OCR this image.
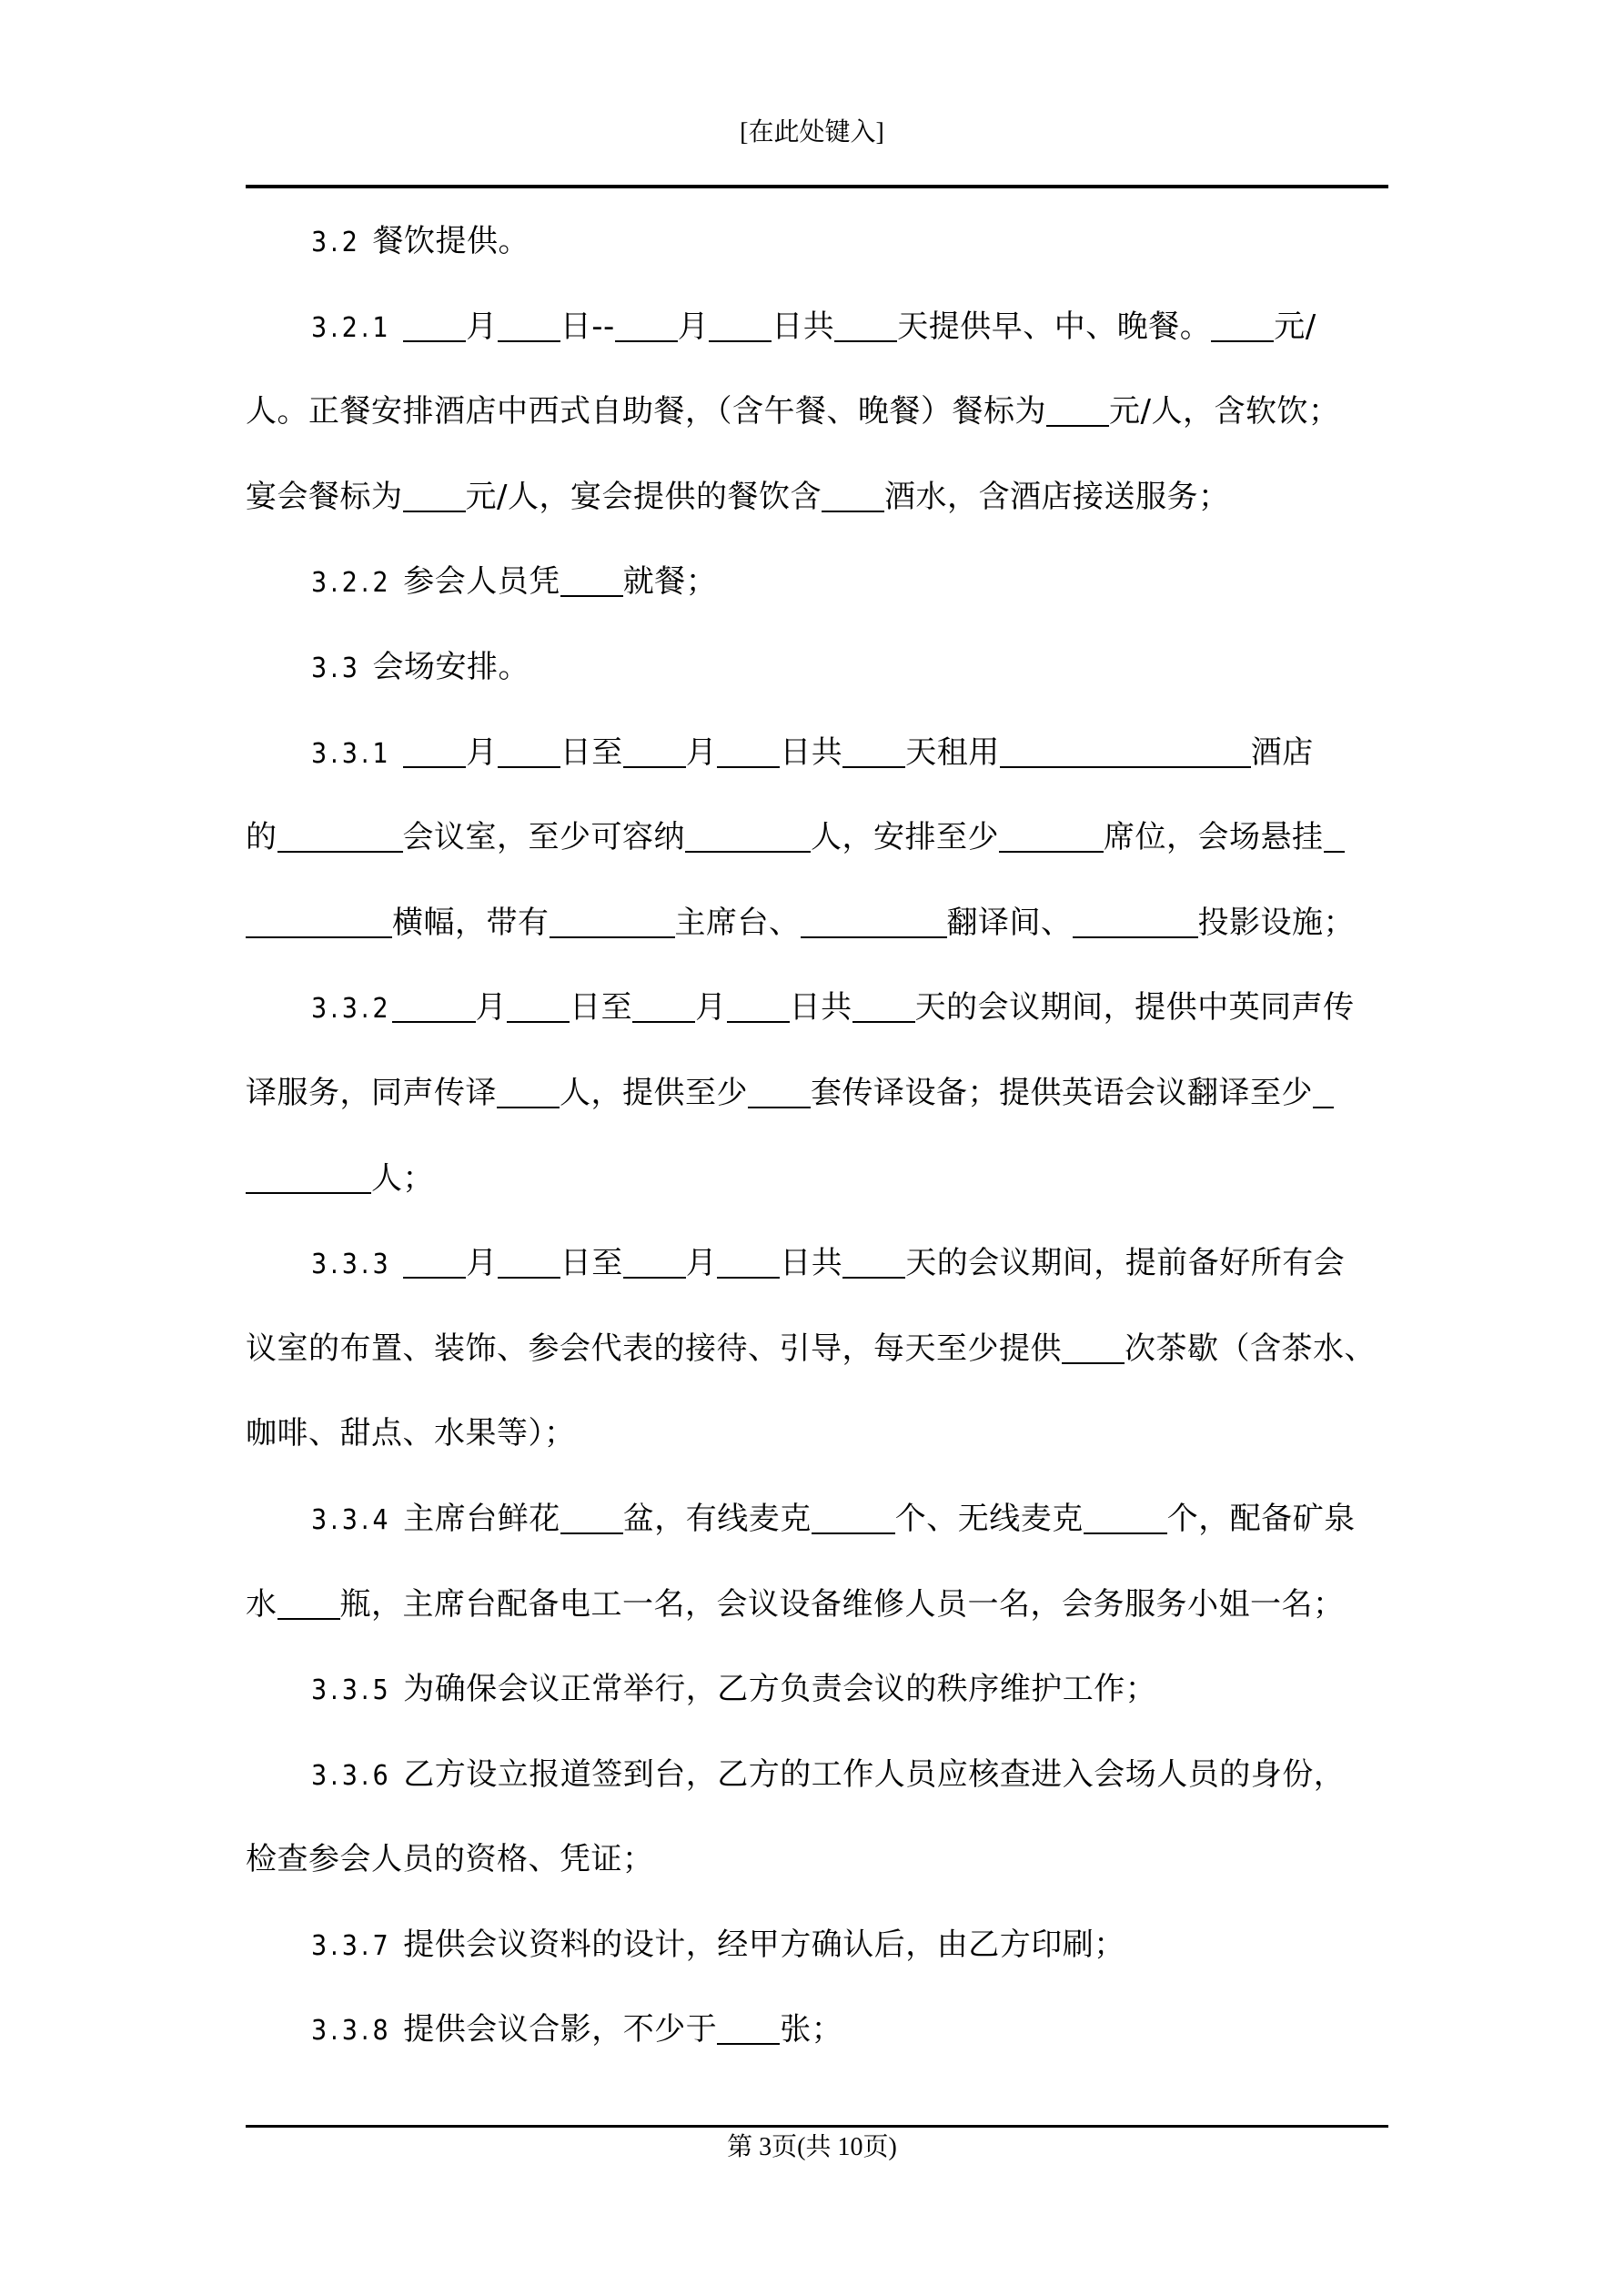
[在此处键入]
3.2 餐饮提供。
3.2.1 月 日-- 月 日共 天提供早、中、晚餐。 元/
人。正餐安排酒店中西式自助餐，（含午餐、晚餐）餐标为 元/人，含软饮；
宴会餐标为 元/人，宴会提供的餐饮含 酒水，含酒店接送服务；
3.2.2 参会人员凭 就餐；
3.3 会场安排。
3.3.1 月 日至 月 日共 天租用	酒店
的	会议室，至少可容纳	人，安排至少	席位，会场悬挂
横幅，带有	主席台、	翻译间、	投影设施；
3.3.2	月 日至 月 日共 天的会议期间，提供中英同声传
译服务，同声传译 人，提供至少 套传译设备；提供英语会议翻译至少
人；
3.3.3 月 日至 月 日共 天的会议期间，提前备好所有会
议室的布置、装饰、参会代表的接待、引导，每天至少提供 次茶歇（含茶水、
咖啡、甜点、水果等）；
3.3.4 主席台鲜花 盆，有线麦克	个、无线麦克	个，配备矿泉
水 瓶，主席台配备电工一名，会议设备维修人员一名，会务服务小姐一名；
3.3.5 为确保会议正常举行，乙方负责会议的秩序维护工作；
3.3.6 乙方设立报道签到台，乙方的工作人员应核查进入会场人员的身份，
检查参会人员的资格、凭证；
3.3.7 提供会议资料的设计，经甲方确认后，由乙方印刷；
3.3.8 提供会议合影，不少于 张；
第 3页(共 10页)
